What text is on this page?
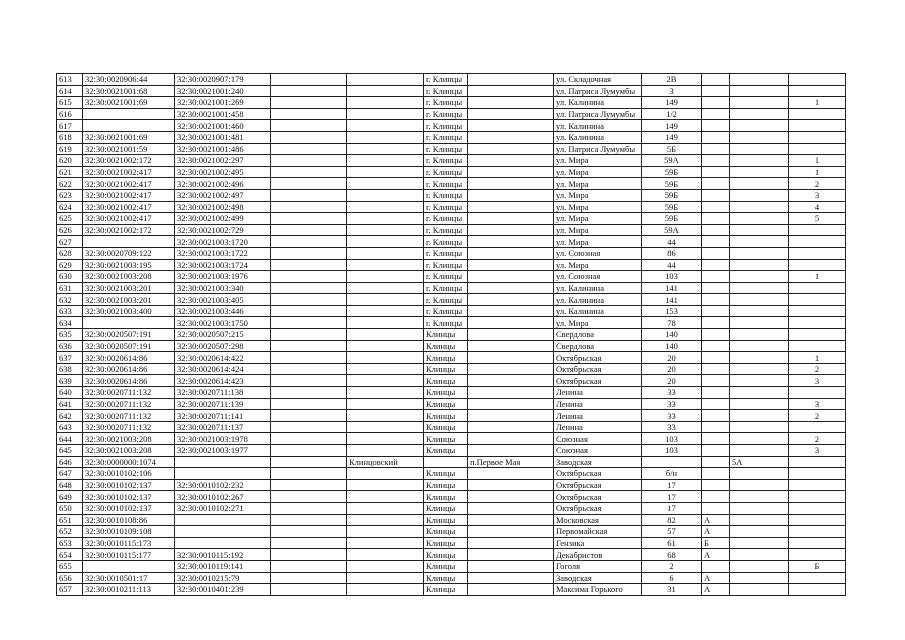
613	32:30:0020906:44	32:30:0020907:179			г. Клинцы		ул. Складочная	2В			
614	32:30:0021001:68	32:30:0021001:240			г. Клинцы		ул. Патриса Лумумбы	3			
615	32:30:0021001:69	32:30:0021001:269			г. Клинцы		ул. Калинина	149			1
616		32:30:0021001:458			г. Клинцы		ул. Патриса Лумумбы	1/2			
617		32:30:0021001:460			г. Клинцы		ул. Калинина	149			
618	32:30:0021001:69	32:30:0021001:481			г. Клинцы		ул. Калинина	149			
619	32:30:0021001:59	32:30:0021001:486			г. Клинцы		ул. Патриса Лумумбы	5Б			
620	32:30:0021002:172	32:30:0021002:297			г. Клинцы		ул. Мира	59А			1
621	32:30:0021002:417	32:30:0021002:495			г. Клинцы		ул. Мира	59Б			1
622	32:30:0021002:417	32:30:0021002:496			г. Клинцы		ул. Мира	59Б			2
623	32:30:0021002:417	32:30:0021002:497			г. Клинцы		ул. Мира	59Б			3
624	32:30:0021002:417	32:30:0021002:498			г. Клинцы		ул. Мира	59Б			4
625	32:30:0021002:417	32:30:0021002:499			г. Клинцы		ул. Мира	59Б			5
626	32:30:0021002:172	32:30:0021002:729			г. Клинцы		ул. Мира	59А			
627		32:30:0021003:1720			г. Клинцы		ул. Мира	44			
628	32:30:0020709:122	32:30:0021003:1722			г. Клинцы		ул. Союзная	86			
629	32:30:0021003:195	32:30:0021003:1724			г. Клинцы		ул. Мира	44			
630	32:30:0021003:208	32:30:0021003:1976			г. Клинцы		ул. Союзная	103			1
631	32:30:0021003:201	32:30:0021003:340			г. Клинцы		ул. Калинина	141			
632	32:30:0021003:201	32:30:0021003:405			г. Клинцы		ул. Калинина	141			
633	32:30:0021003:400	32:30:0021003:446			г. Клинцы		ул. Калинина	153			
634		32:30:0021003:1750			г. Клинцы		ул. Мира	78			
635	32:30:0020507:191	32:30:0020507:215			Клинцы		Свердлова	140			
636	32:30:0020507:191	32:30:0020507:298			Клинцы		Свердлова	140			
637	32:30:0020614:86	32:30:0020614:422			Клинцы		Октябрьская	20			1
638	32:30:0020614:86	32:30:0020614:424			Клинцы		Октябрьская	20			2
639	32:30:0020614:86	32:30:0020614:423			Клинцы		Октябрьская	20			3
640	32:30:0020711:132	32:30:0020711:138			Клинцы		Ленина	33			
641	32:30:0020711:132	32:30:0020711:139			Клинцы		Ленина	33			3
642	32:30:0020711:132	32:30:0020711:141			Клинцы		Ленина	33			2
643	32:30:0020711:132	32:30:0020711:137			Клинцы		Ленина	33			
644	32:30:0021003:208	32:30:0021003:1978			Клинцы		Союзная	103			2
645	32:30:0021003:208	32:30:0021003:1977			Клинцы		Союзная	103			3
646	32:30:0000000:1074			Клинцовский		п.Первое Мая	Заводская			5А	
647	32:30:0010102:106				Клинцы		Октябрьская	б/н			
648	32:30:0010102:137	32:30:0010102:232			Клинцы		Октябрьская	17			
649	32:30:0010102:137	32:30:0010102:267			Клинцы		Октябрьская	17			
650	32:30:0010102:137	32:30:0010102:271			Клинцы		Октябрьская	17			
651	32:30:0010108:86				Клинцы		Московская	82	А		
652	32:30:0010109:108				Клинцы		Первомайская	57	А		
653	32:30:0010115:173				Клинцы		Гензика	61	Б		
654	32:30:0010115:177	32:30:0010115:192			Клинцы		Декабристов	68	А		
655		32:30:0010119:141			Клинцы		Гоголя	2			Б
656	32:30:0010501:17	32:30:0010215:79			Клинцы		Заводская	6	А		
657	32:30:0010211:113	32:30:0010401:239			Клинцы		Максима Горького	31	А		
